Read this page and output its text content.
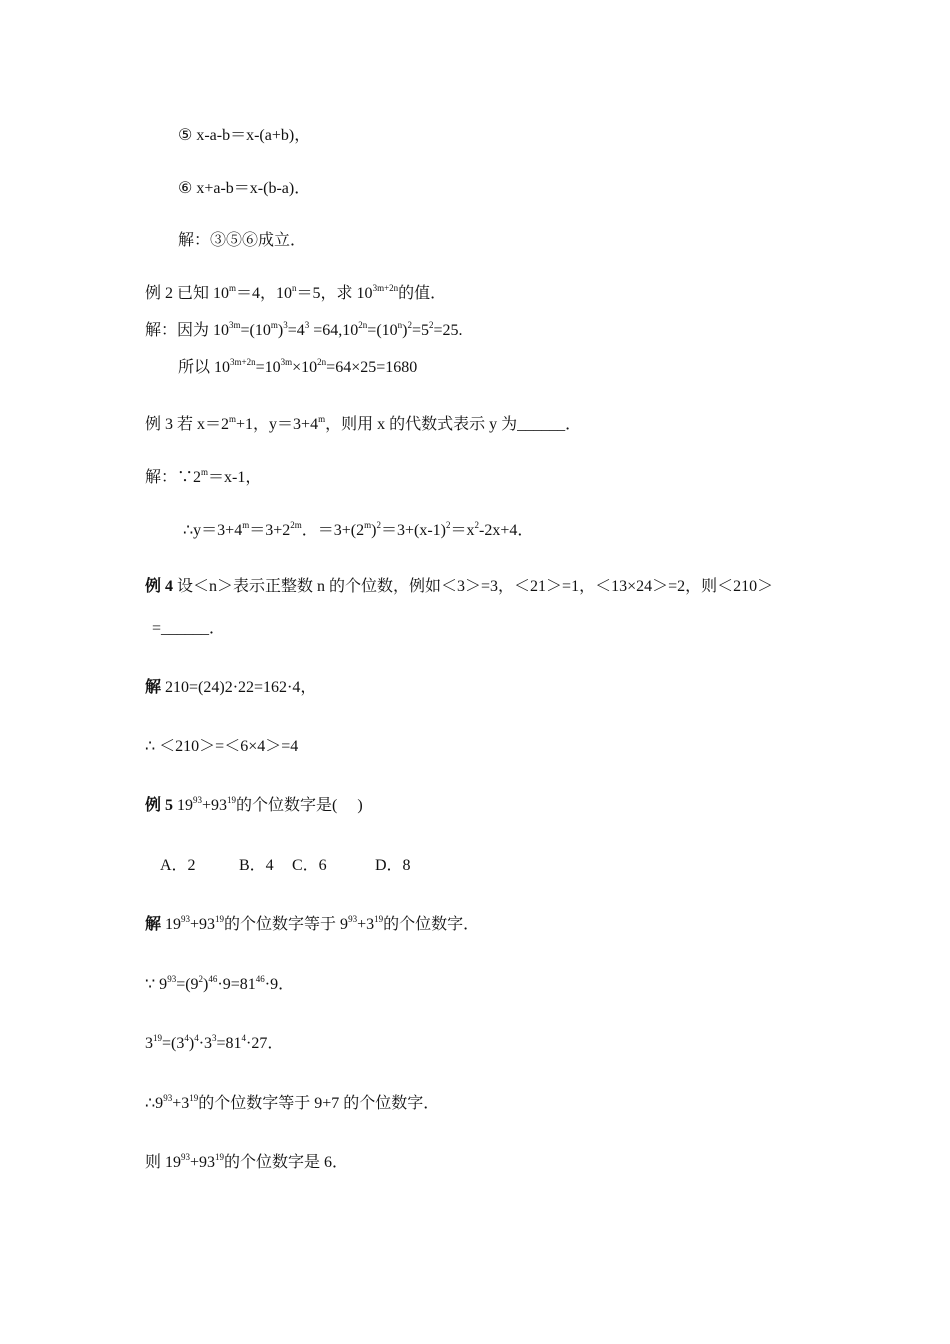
⑤ x-a-b＝x-(a+b)，
⑥ x+a-b＝x-(b-a)．
解：③⑤⑥成立．
例 2 已知 $10^m=4$，$10^n=5$，求 $10^{3m+2n}$的值．
解：因为 $10^{3m}=(10^m)^3=4^3 =64,10^{2n}=(10^n)^2=5^2=25$.
所以 $10^{3m+2n}=10^{3m}\times 10^{2n}=64\times 25=1680$
例 3 若 $x=2^m+1$，$y=3+4^m$，则用 x 的代数式表示 y 为______．
解：$\because 2^m=x-1$，
$\therefore y=3+4^m=3+2^{2m}$．$=3+(2^m)^2=3+(x-1)^2=x^2-2x+4$．
例 4 设＜n＞表示正整数 n 的个位数，例如＜3＞=3，＜21＞=1，＜13×24＞=2，则＜210＞
=______．
解 210=(24)2·22=162·4，
∴ ＜210＞=＜6×4＞=4
例 5 $19^{93}+93^{19}$的个位数字是(　 )
A．2	B．4 C．6	D．8
解 $19^{93}+93^{19}$的个位数字等于 $9^{93}+3^{19}$的个位数字．
∵ $9^{93}=(9^2)^{46}\cdot 9=81^{46}\cdot 9$．
$3^{19}=(3^4)^4\cdot 3^3=81^4\cdot 27$．
$\therefore 9^{93}+3^{19}$的个位数字等于 9+7 的个位数字．
则 $19^{93}+93^{19}$的个位数字是 6．
